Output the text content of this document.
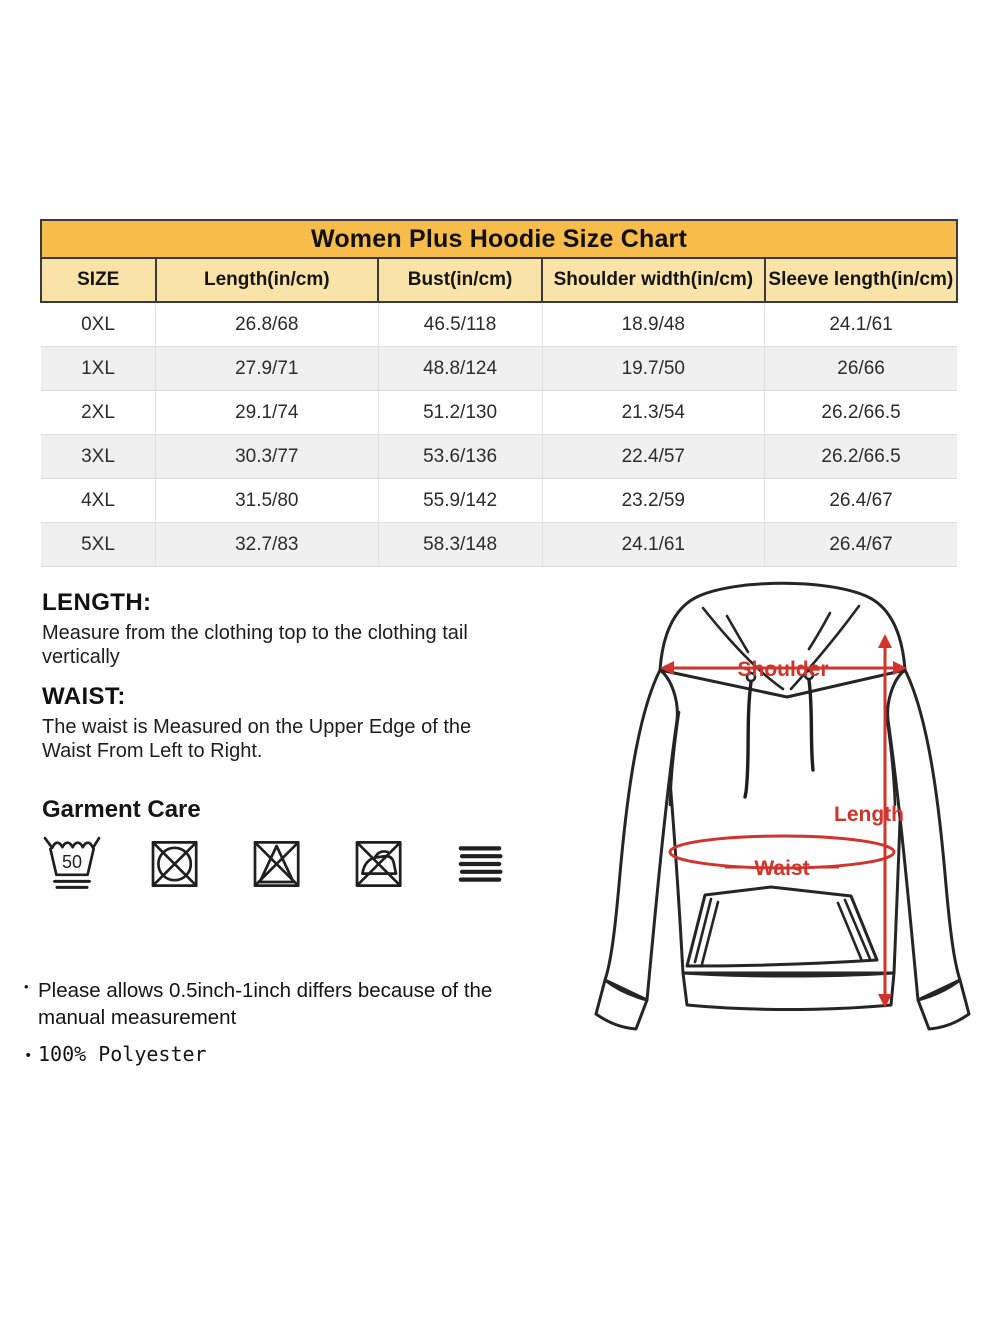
Women Plus Hoodie Size Chart
SIZE	Length(in/cm)	Bust(in/cm)	Shoulder width(in/cm)	Sleeve length(in/cm)
0XL	26.8/68	46.5/118	18.9/48	24.1/61
1XL	27.9/71	48.8/124	19.7/50	26/66
2XL	29.1/74	51.2/130	21.3/54	26.2/66.5
3XL	30.3/77	53.6/136	22.4/57	26.2/66.5
4XL	31.5/80	55.9/142	23.2/59	26.4/67
5XL	32.7/83	58.3/148	24.1/61	26.4/67
LENGTH:
Measure from the clothing top to the clothing tail vertically
WAIST:
The waist is Measured on the Upper Edge of the Waist From Left to Right.
Garment Care
50
Shoulder
Length
Waist
• Please allows 0.5inch-1inch differs because of the manual measurement
• 100% Polyester
